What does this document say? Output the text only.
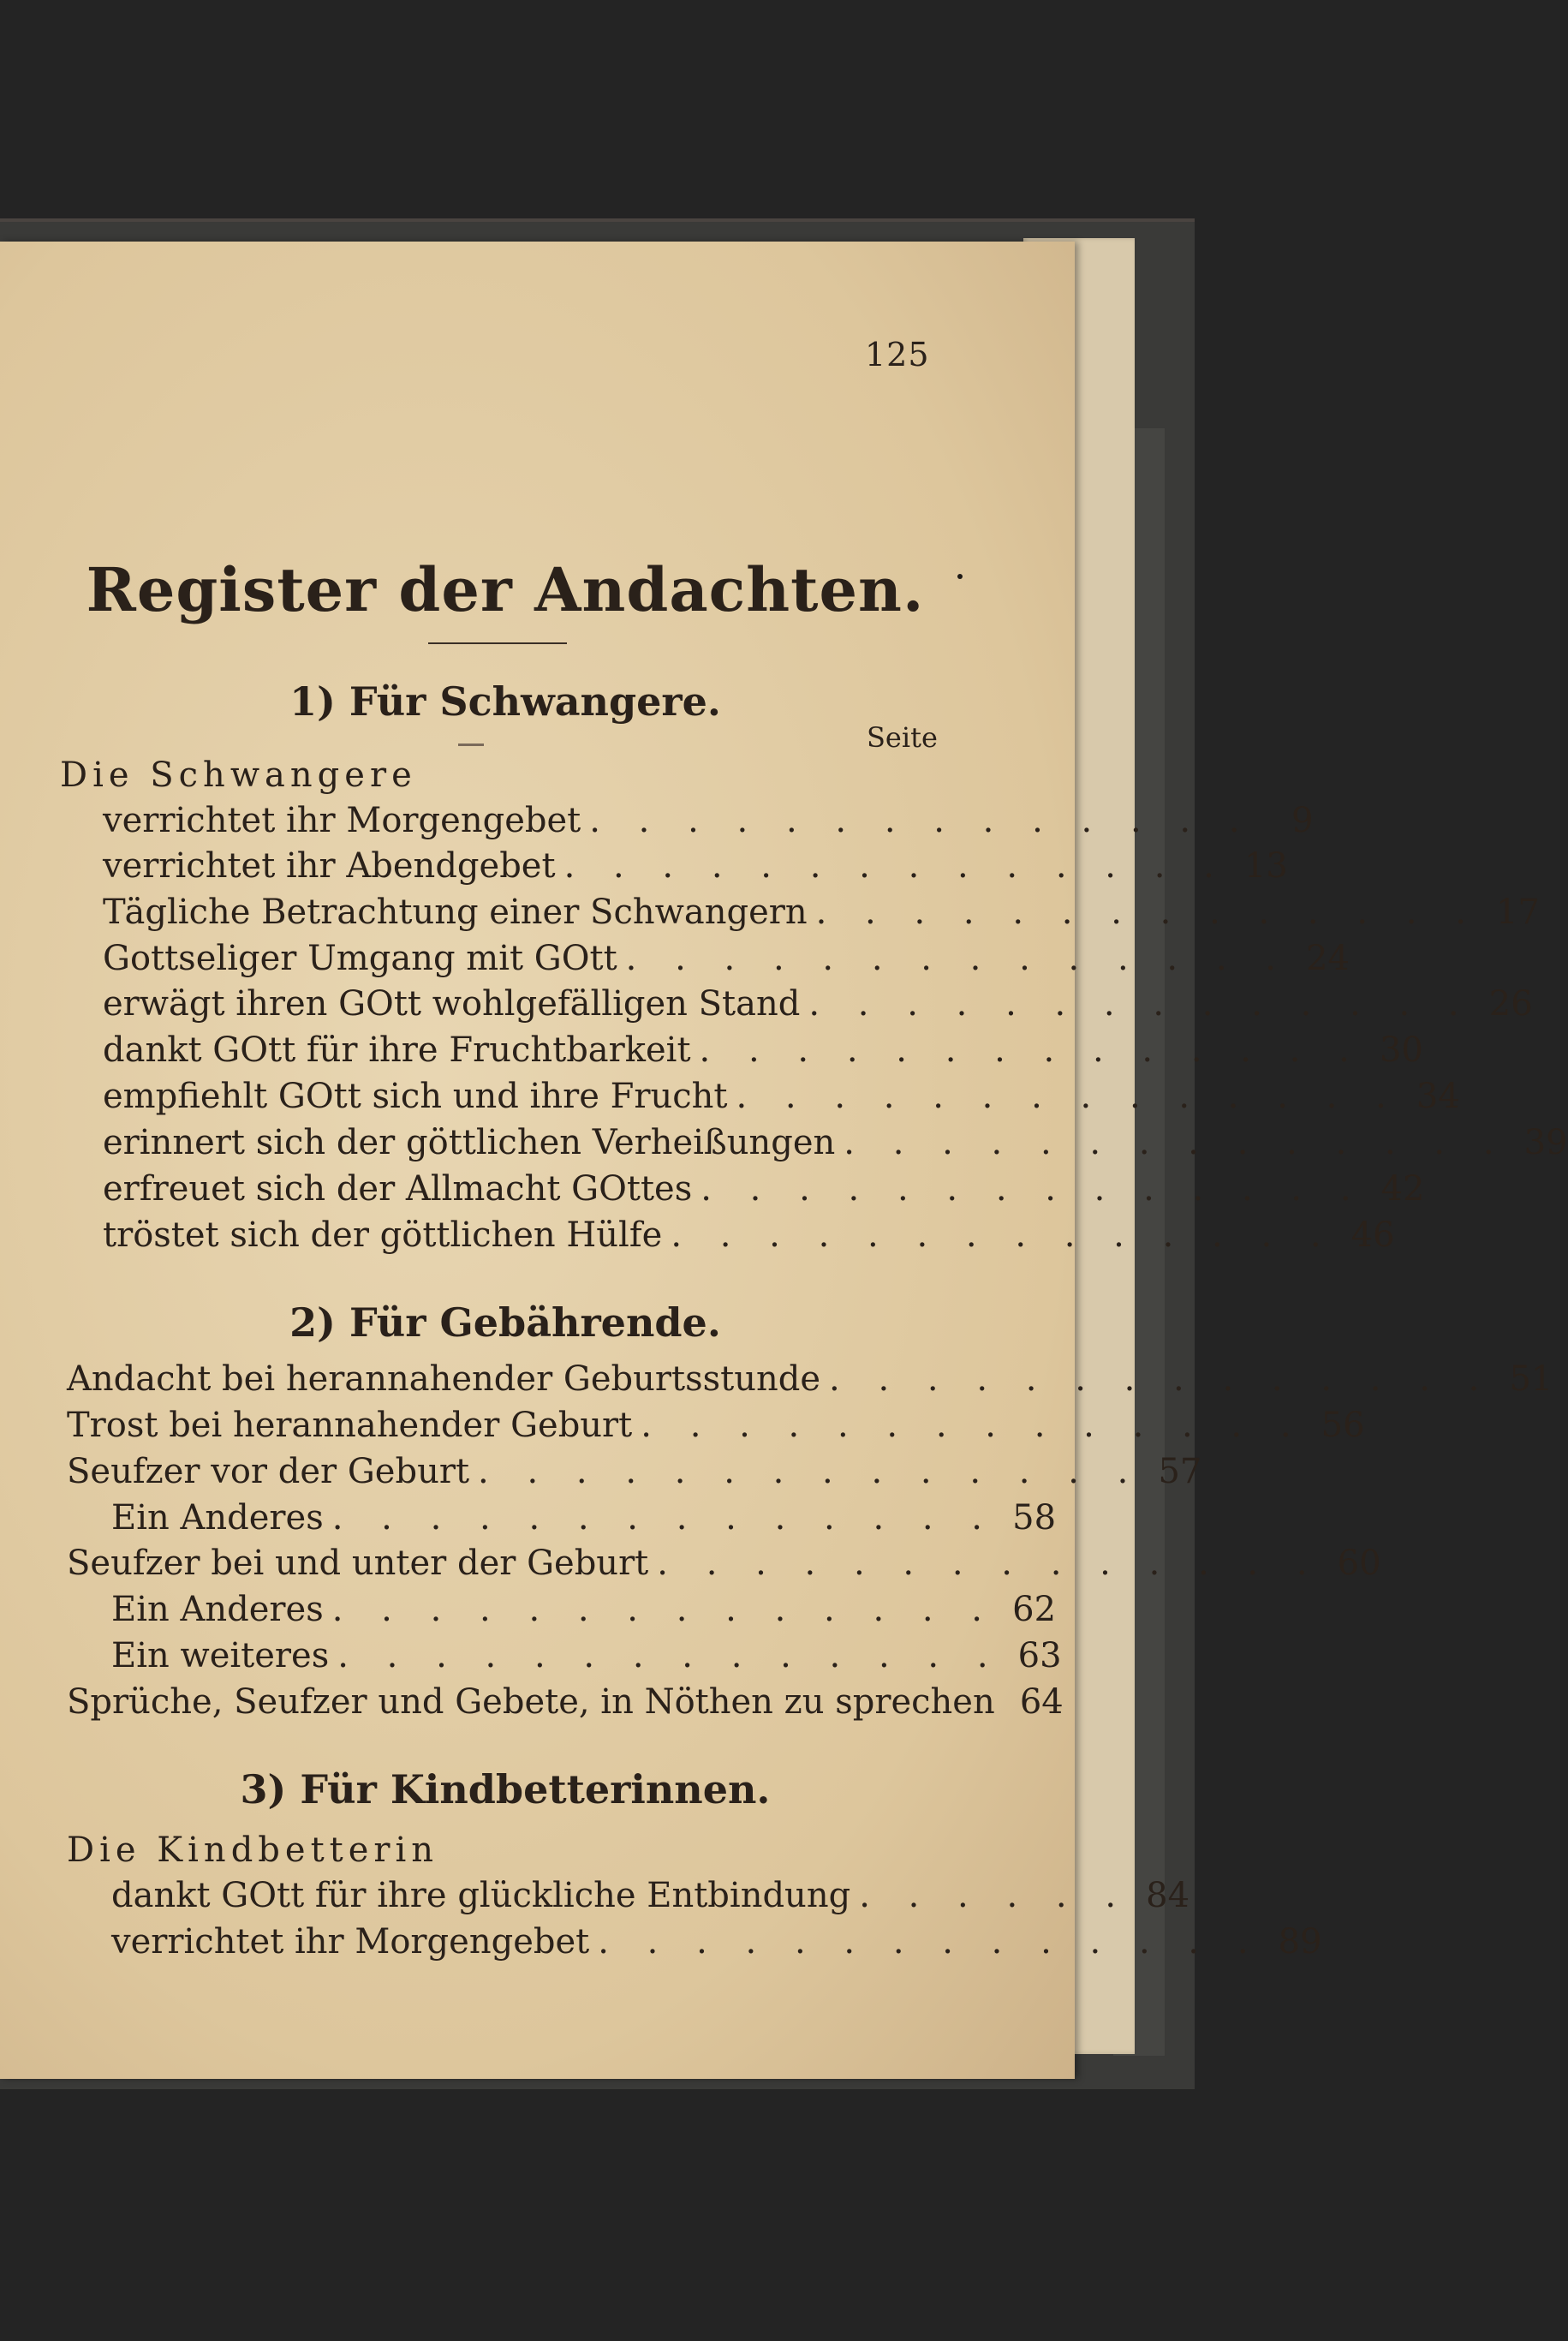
125
Register der Andachten.
1) Für Schwangere.
Seite
Die Schwangere
verrichtet ihr Morgengebet . . . . . . . . . . . . . .	9
verrichtet ihr Abendgebet . . . . . . . . . . . . . . 13
Tägliche Betrachtung einer Schwangern . . . . . . . . . . . . . . 17
Gottseliger Umgang mit GOtt . . . . . . . . . . . . . . 24
erwägt ihren GOtt wohlgefälligen Stand . . . . . . . . . . . . . . 26
dankt GOtt für ihre Fruchtbarkeit . . . . . . . . . . . . . . 30
empfiehlt GOtt sich und ihre Frucht . . . . . . . . . . . . . . 34
erinnert sich der göttlichen Verheißungen . . . . . . . . . . . . . . 39
erfreuet sich der Allmacht GOttes . . . . . . . . . . . . . . 42
tröstet sich der göttlichen Hülfe . . . . . . . . . . . . . . 46
2) Für Gebährende.
Andacht bei herannahender Geburtsstunde . . . . . . . . . . . . . . 51
Trost bei herannahender Geburt . . . . . . . . . . . . . . 56
Seufzer vor der Geburt . . . . . . . . . . . . . . 57
Ein Anderes . . . . . . . . . . . . . . 58
Seufzer bei und unter der Geburt . . . . . . . . . . . . . . 60
Ein Anderes . . . . . . . . . . . . . . 62
Ein weiteres . . . . . . . . . . . . . . 63
Sprüche, Seufzer und Gebete, in Nöthen zu sprechen 64
3) Für Kindbetterinnen.
Die Kindbetterin
dankt GOtt für ihre glückliche Entbindung . . . . . . 84
verrichtet ihr Morgengebet . . . . . . . . . . . . . . 89
